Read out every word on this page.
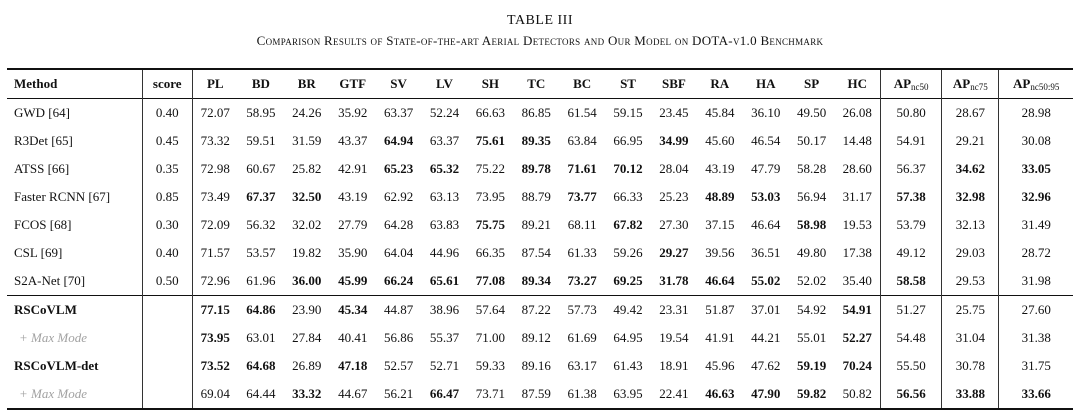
TABLE III
Comparison Results of State-of-the-art Aerial Detectors and Our Model on DOTA-v1.0 Benchmark
Method	score	PL	BD	BR	GTF	SV	LV	SH	TC	BC	ST	SBF	RA	HA	SP	HC	$AP_{nc50}$	$AP_{nc75}$	$AP_{nc50:95}$
GWD [64]	0.40	72.07	58.95	24.26	35.92	63.37	52.24	66.63	86.85	61.54	59.15	23.45	45.84	36.10	49.50	26.08	50.80	28.67	28.98
R3Det [65]	0.45	73.32	59.51	31.59	43.37	64.94	63.37	75.61	89.35	63.84	66.95	34.99	45.60	46.54	50.17	14.48	54.91	29.21	30.08
ATSS [66]	0.35	72.98	60.67	25.82	42.91	65.23	65.32	75.22	89.78	71.61	70.12	28.04	43.19	47.79	58.28	28.60	56.37	34.62	33.05
Faster RCNN [67]	0.85	73.49	67.37	32.50	43.19	62.92	63.13	73.95	88.79	73.77	66.33	25.23	48.89	53.03	56.94	31.17	57.38	32.98	32.96
FCOS [68]	0.30	72.09	56.32	32.02	27.79	64.28	63.83	75.75	89.21	68.11	67.82	27.30	37.15	46.64	58.98	19.53	53.79	32.13	31.49
CSL [69]	0.40	71.57	53.57	19.82	35.90	64.04	44.96	66.35	87.54	61.33	59.26	29.27	39.56	36.51	49.80	17.38	49.12	29.03	28.72
S2A-Net [70]	0.50	72.96	61.96	36.00	45.99	66.24	65.61	77.08	89.34	73.27	69.25	31.78	46.64	55.02	52.02	35.40	58.58	29.53	31.98
RSCoVLM		77.15	64.86	23.90	45.34	44.87	38.96	57.64	87.22	57.73	49.42	23.31	51.87	37.01	54.92	54.91	51.27	25.75	27.60
+ Max Mode		73.95	63.01	27.84	40.41	56.86	55.37	71.00	89.12	61.69	64.95	19.54	41.91	44.21	55.01	52.27	54.48	31.04	31.38
RSCoVLM-det		73.52	64.68	26.89	47.18	52.57	52.71	59.33	89.16	63.17	61.43	18.91	45.96	47.62	59.19	70.24	55.50	30.78	31.75
+ Max Mode		69.04	64.44	33.32	44.67	56.21	66.47	73.71	87.59	61.38	63.95	22.41	46.63	47.90	59.82	50.82	56.56	33.88	33.66
